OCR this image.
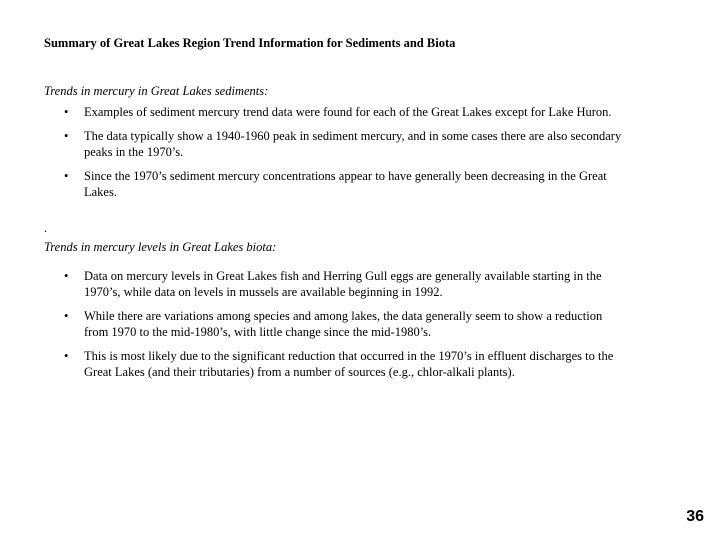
Summary of Great Lakes Region Trend Information for Sediments and Biota
Trends in mercury in Great Lakes sediments:
• Examples of sediment mercury trend data were found for each of the Great Lakes except for Lake Huron.
• The data typically show a 1940-1960 peak in sediment mercury, and in some cases there are also secondary peaks in the 1970’s.
• Since the 1970’s sediment mercury concentrations appear to have generally been decreasing in the Great Lakes.
.
Trends in mercury levels in Great Lakes biota:
• Data on mercury levels in Great Lakes fish and Herring Gull eggs are generally available starting in the 1970’s, while data on levels in mussels are available beginning in 1992.
• While there are variations among species and among lakes, the data generally seem to show a reduction from 1970 to the mid-1980’s, with little change since the mid-1980’s.
• This is most likely due to the significant reduction that occurred in the 1970’s in effluent discharges to the Great Lakes (and their tributaries) from a number of sources (e.g., chlor-alkali plants).
36
